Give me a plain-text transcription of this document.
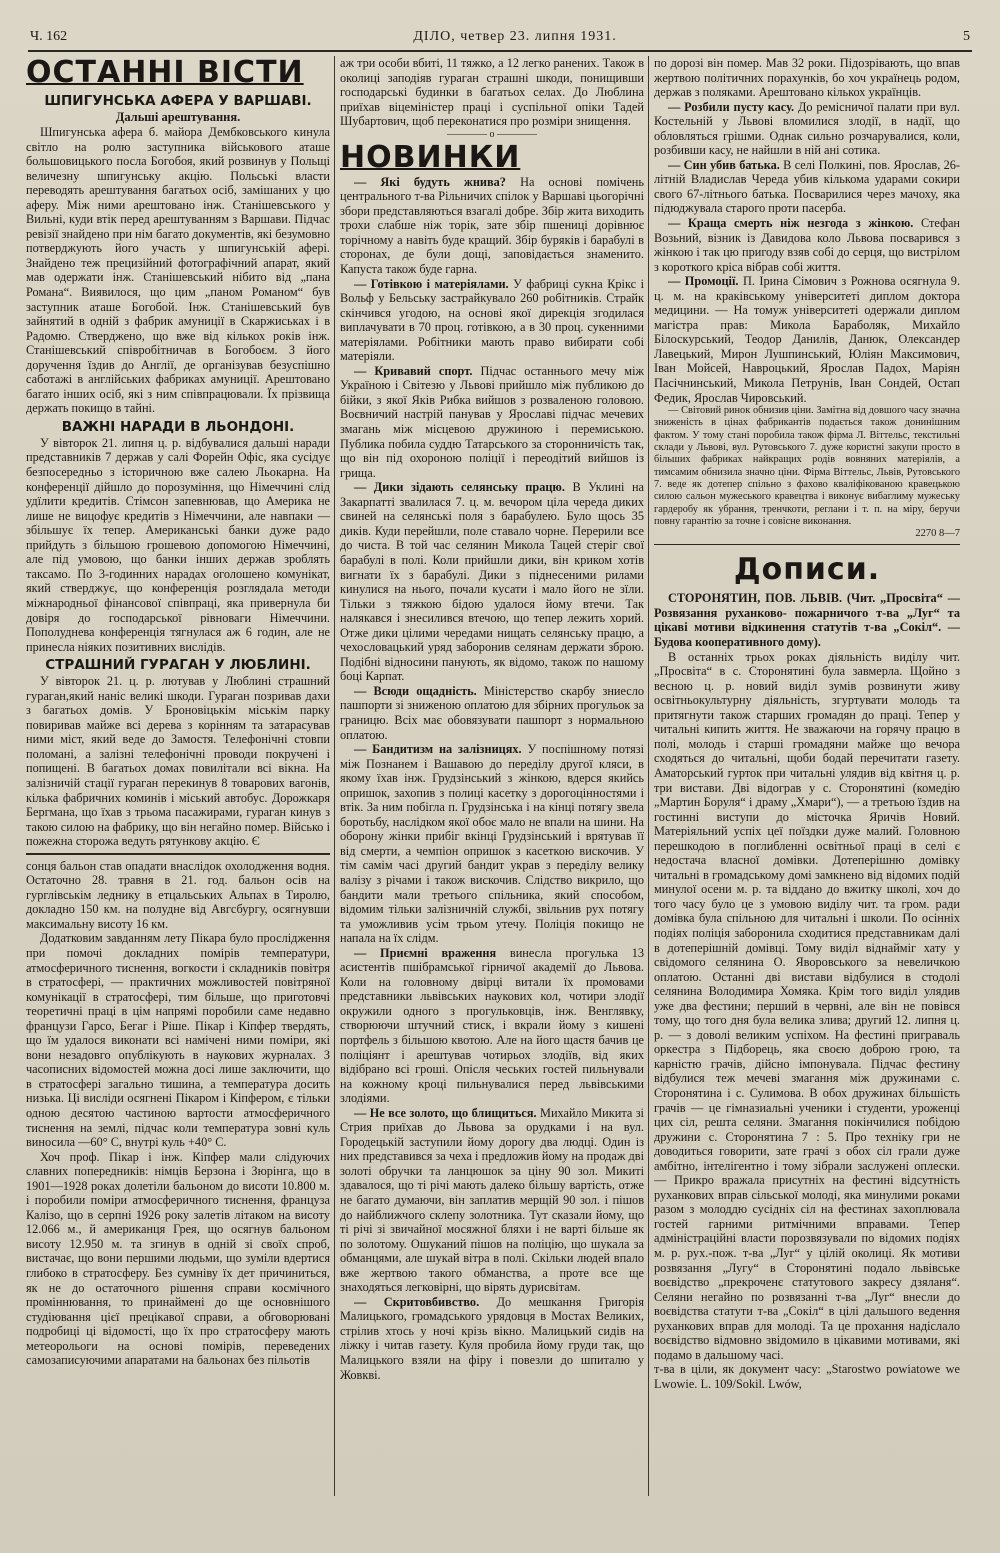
Ч. 162	ДІЛО, четвер 23. липня 1931.	5
ОСТАННІ ВІСТИ
ШПИГУНСЬКА АФЕРА У ВАРШАВІ.
Дальші арештування.

Шпигунська афера б. майора Дембковського кинула світло на ролю заступника військового аташе большовицького посла Богобоя, який розвинув у Польщі величезну шпигунську акцію. Польські власти переводять арештування багатьох осіб, замішаних у цю аферу. Між ними арештовано інж. Станішевського у Вильні, куди втік перед арештуванням з Варшави. Підчас ревізії знайдено при нім багато документів, які безумовно потверджують його участь у шпигунській афері. Знайдено теж прецизійний фотографічний апарат, який мав одержати інж. Станішевський нібито від „пана Романа“. Виявилося, що цим „паном Романом“ був заступник аташе Богобой. Інж. Станішевський був зайнятий в одній з фабрик амуниції в Скаржиськах і в Радомю. Стверджено, що вже від кількох років інж. Станішевський співробітничав в Богобоєм. З його доручення їздив до Англії, де організував безуспішно саботажі в англійських фабриках амуниції. Арештовано багато інших осіб, які з ним співпрацювали. Їх прізвища держать покищо в тайні.

ВАЖНІ НАРАДИ В ЛЬОНДОНІ.

У вівторок 21. липня ц. р. відбувалися дальші наради представників 7 держав у салі Форейн Офіс, яка сусідує безпосередньо з історичною вже салею Льокарна. На конференції дійшло до порозуміння, що Німеччині слід удїлити кредитів. Стімсон запевнював, що Америка не лише не вицофує кредитів з Німеччини, але навпаки — збільшує їх тепер. Американські банки дуже радо прийдуть з більшою грошевою допомогою Німеччині, але під умовою, що банки інших держав зроблять таксамо. По 3-годинних нарадах оголошено комунікат, який стверджує, що конференція розглядала методи міжнародньої фінансової співпраці, яка привернула би довіря до господарської рівноваги Німеччини. Пополуднева конференція тягнулася аж 6 годин, але не принесла ніяких позитивних вислідів.

СТРАШНИЙ ГУРАГАН У ЛЮБЛИНІ.

У вівторок 21. ц. р. лютував у Люблині страшний гураган,який наніс великі шкоди. Гураган позривав дахи з багатьох домів. У Броновіцькім міськім парку повиривав майже всі дерева з корінням та затарасував ними міст, який веде до Замостя. Телефонічні стовпи поломані, а залізні телефонічні проводи покручені і попищені. В багатьох домах повилітали всі вікна. На залізничій стації гураган перекинув 8 товарових вагонів, кілька фабричних коминів і міський автобус. Дорожкаря Бергмана, що їхав з трьома пасажирами, гураган кинув з такою силою на фабрику, що він негайно помер. Військо і пожежна сторожа ведуть рятункову акцію. Є

сонця бальон став опадати внаслідок охолодження водня. Остаточно 28. травня в 21. год. бальон осів на гурглівськім леднику в етцальських Альпах в Тиролю, докладно 150 км. на полудне від Авгсбургу, осягнувши максимальну висоту 16 км.

Додатковим завданням лету Пікара було прослідження при помочі докладних помірів температури, атмосферичного тиснення, вогкости і складників повітря в стратосфері, — практичних можливостей повітряної комунікації в стратосфері, тим більше, що приготовчі теоретичні праці в цім напрямі поробили саме недавно французи Гарсо, Бегаг і Ріше. Пікар і Кіпфер твердять, що їм удалося виконати всі намічені ними поміри, які вони незадовго опублікують в наукових журналах. З часописних відомостей можна досі лише заключити, що в стратосфері загально тишина, а температура досить низька. Ці висліди осягнені Пікаром і Кіпфером, є тільки одною десятою частиною вартости атмосферичного тиснення на землі, підчас коли температура зовні куль виносила —60° С, внутрі куль +40° С.

Хоч проф. Пікар і інж. Кіпфер мали слідуючих славних попередників: німців Берзона і Зюрінга, що в 1901—1928 роках долетіли бальоном до висоти 10.800 м. і поробили поміри атмосферичного тиснення, француза Калізо, що в серпні 1926 року залетів літаком на висоту 12.066 м., й американця Грея, що осягнув бальоном висоту 12.950 м. та згинув в одній зі своїх спроб, вистачає, що вони першими людьми, що зуміли вдертися глибоко в стратосферу. Без сумніву їх дет причиниться, як не до остаточного рішення справи космічного проміннювання, то принаймені до ще основнішого студіювання цієї прецікавої справи, а обговорювані подробиці ці відомості, що їх про стратосферу мають метеорольоги на основі помірів, переведених самозаписуючими апаратами на бальонах без пільотів

аж три особи вбиті, 11 тяжко, а 12 легко ранених. Також в околиці заподіяв гураган страшні шкоди, понищивши господарські будинки в багатьох селах. До Люблина приїхав віцеміністер праці і суспільної опіки Тадей Шубартович, щоб переконатися про розміри знищення.

———— о ————
НОВИНКИ

— Які будуть жнива? На основі помічень центрального т-ва Рільничих спілок у Варшаві цьогорічні збори представляються взагалі добре. Збір жита виходить трохи слабше ніж торік, зате збір пшениці дорівнює торічному а навіть буде кращий. Збір буряків і барабулі в сторонах, де були дощі, заповідається знаменито. Капуста також буде гарна.

— Готівкою і матеріялами. У фабриці сукна Крікс і Вольф у Бельську застрайкувало 260 робітників. Страйк скінчився угодою, на основі якої дирекція згодилася виплачувати в 70 проц. готівкою, а в 30 проц. сукенними матеріялами. Робітники мають право вибирати собі матеріяли.

— Кривавий спорт. Підчас останнього мечу між Україною і Світезю у Львові прийшло між публикою до бійки, з якої Яків Рибка вийшов з розваленою головою. Воєвничий настрій панував у Ярославі підчас мечевих змагань між місцевою дружиною і перемиською. Публика побила суддю Татарського за сторонничість так, що він під охороною поліції і переодітий вийшов із грища.

— Дики зідають селянську працю. В Уклині на Закарпатті звалилася 7. ц. м. вечором ціла череда диких свиней на селянські поля з барабулею. Було щось 35 диків. Куди перейшли, поле ставало чорне. Перерили все до чиста. В той час селянин Микола Тацей стеріг свої барабулі в полі. Коли прийшли дики, він криком хотів вигнати їх з барабулі. Дики з піднесеними рилами кинулися на нього, почали кусати і мало його не зїли. Тільки з тяжкою бідою удалося йому втечи. Так налякався і знесилився втечою, що тепер лежить хорий. Отже дики цілими чередами нищать селянську працю, а чехословацький уряд заборонив селянам держати зброю. Подібні відносини панують, як відомо, також по нашому боці Карпат.

— Всюди ощадність. Міністерство скарбу зниесло пашпорти зі зниженою оплатою для збірних прогульок за границю. Всіх має обовязувати пашпорт з нормальною оплатою.

— Бандитизм на залізницях. У поспішному потязі між Познанем і Вашавою до переділу другої кляси, в якому їхав інж. Грудзінський з жінкою, вдерся якийсь опришок, захопив з полиці касетку з дорогоцінностями і втік. За ним побігла п. Грудзінська і на кінці потягу звела боротьбу, наслідком якої обоє мало не впали на шини. На оборону жінки прибіг вкінці Грудзінський і врятував її від смерти, а чемпіон опришок з касеткою вискочив. У тім самім часі другий бандит украв з переділу велику валізу з річами і також вискочив. Слідство викрило, що бандити мали третього спільника, який способом, відомим тільки залізничній службі, звільнив рух потягу та уможливив усім трьом утечу. Поліція покищо не напала на їх слідм.

— Приємні враження винесла прогулька 13 асистентів пшібрамської гірничої академії до Львова. Коли на головному двірці витали їх промовами представники львівських наукових кол, чотири злодії окружили одного з прогульковців, інж. Венглявку, створюючи штучний стиск, і вкрали йому з кишені портфель з більшою квотою. Але на його щастя бачив це поліціянт і арештував чотирьох злодіїв, від яких відібрано всі гроші. Опісля чеських гостей пильнували на кожному кроці пильнувалися перед львівськими злодіями.

— Не все золото, що блищиться. Михайло Микита зі Стрия приїхав до Львова за орудками і на вул. Городецькій заступили йому дорогу два людці. Один із них представився за чеха і предложив йому на продаж дві золоті обручки та ланцюшок за ціну 90 зол. Микиті здавалося, що ті річі мають далеко більшу вартість, отже не багато думаючи, він заплатив мерщій 90 зол. і пішов до найближчого склепу золотника. Тут сказали йому, що ті річі зі звичайної мосяжної бляхи і не варті більше як по золотому. Ошуканий пішов на поліцію, що шукала за обманцями, але шукай вітра в полі. Скільки людей впало вже жертвою такого обманства, а проте все ще знаходяться легковірні, що вірять дурисвітам.

— Скритовбивство. До мешкання Григорія Малицького, громадського урядовця в Мостах Великих, стрілив хтось у ночі крізь вікно. Малицький сидів на ліжку і читав газету. Куля пробила йому груди так, що Малицького взяли на фіру і повезли до шпиталю у Жовкві.

по дорозі він помер. Мав 32 роки. Підозрівають, що впав жертвою політичних порахунків, бо хоч українець родом, держав з поляками. Арештовано кількох українців.

— Розбили пусту касу. До ремісничої палати при вул. Костельній у Львові вломилися злодії, в надії, що обловляться грішми. Однак сильно розчарувалися, коли, розбивши касу, не найшли в ній ані сотика.

— Син убив батька. В селі Полкині, пов. Ярослав, 26-літній Владислав Череда убив кількома ударами сокири свого 67-літнього батька. Посварилися через мачоху, яка підюджувала старого проти пасерба.

— Краща смерть ніж незгода з жінкою. Стефан Возьний, візник із Давидова коло Львова посварився з жінкою і так цю пригоду взяв собі до серця, що вистрілом з короткого кріса вібрав собі життя.

— Промоції. П. Ірина Сімович з Рожнова осягнула 9. ц. м. на краківському університеті диплом доктора медицини. — На томуж університеті одержали диплом магістра прав: Микола Бараболяк, Михайло Білоскурський, Теодор Данилів, Данюк, Олександер Лавецький, Мирон Лушпинський, Юліян Максимович, Іван Мойсей, Навроцький, Ярослав Падох, Маріян Пасічнинський, Микола Петрунів, Іван Сондей, Остап Федик, Ярослав Чировський.

— Світовий ринок обнизив ціни. Замітна від довшого часу значна зниженість в цінах фабрикантів подається також донинішним фактом. У тому стані поробила також фірма Л. Віттельс, текстильні склади у Львові, вул. Рутовського 7. дуже користні закупи просто в більших фабриках найкращих родів вовняних матеріялів, а тимсамим обнизила значно ціни. Фірма Віттельс, Львів, Рутовського 7. веде як дотепер спільно з фахово кваліфікованою кравецькою силою сальон мужеського кравецтва і виконує вибаглиму мужеську гардеробу як убрання, тренчкоти, реглани і т. п. на міру, беручи повну гарантію за точне і совісне виконання.

2270 8—7
Дописи.

СТОРОНЯТИН, ПОВ. ЛЬВІВ. (Чит. „Просвіта“ — Розвязання руханково- пожарничого т-ва „Луг“ та цікаві мотиви відкинення статутів т-ва „Сокіл“. — Будова кооперативного дому).

В останніх трьох роках діяльність виділу чит. „Просвіта“ в с. Сторонятині була завмерла. Щойно з весною ц. р. новий виділ зумів розвинути живу освітньокультурну діяльність, згуртувати молодь та притягнути також старших громадян до праці. Тепер у читальні кипить життя. Не зважаючи на горячу працю в полі, молодь і старші громадяни майже що вечора сходяться до читальні, щоби бодай перечитати газету. Аматорський гурток при читальні улядив від квітня ц. р. три вистави. Дві відограв у с. Сторонятині (комедію „Мартин Боруля“ і драму „Хмари“), — а третьою їздив на гостинні виступи до місточка Яричів Новий. Матеріяльний успіх цеї поїздки дуже малий. Головною перешкодою в поглибленні освітньої праці в селі є недостача власної домівки. Дотеперішню домівку читальні в громадському домі замкнено від відомих подій минулої осени м. р. та віддано до вжитку школі, хоч до того часу було це з умовою виділу чит. та гром. ради домівка була спільною для читальні і школи. По осінніх подіях поліція заборонила сходитися представникам далі в дотеперішній домівці. Тому виділ віднайміг хату у свідомого селянина О. Яворовського за невеличкою оплатою. Останні дві вистави відбулися в стодолі селянина Володимира Хомяка. Крім того виділ улядив уже два фестини; перший в червні, але він не повівся тому, що того дня була велика злива; другий 12. липня ц. р. — з доволі великим успіхом. На фестині приграваль оркестра з Підборець, яка своєю доброю грою, та карністю грачів, дійсно імпонувала. Підчас фестину відбулися теж мечеві змагання між дружинами с. Сторонятина і с. Сулимова. В обох дружинах більшість грачів — це гімназиальні ученики і студенти, уроженці цих сіл, решта селяни. Змагання покінчилися побідою дружини с. Сторонятина 7 : 5. Про техніку гри не доводиться говорити, зате грачі з обох сіл грали дуже амбітно, інтелігентно і тому зібрали заслужені оплески. — Прикро вражала присутніх на фестині відсутність руханкових вправ сільської молоді, яка минулими роками разом з молоддю сусідніх сіл на фестинах захоплювала гостей гарними ритмічними вправами. Тепер адміністраційні власти порозвязували по відомих подіях м. р. рух.-пож. т-ва „Луг“ у цілій околиці. Як мотиви розвязання „Лугу“ в Сторонятині подало львівське воєвідство „прекроченє статутового закресу дзяланя“. Селяни негайно по розвязанні т-ва „Луг“ внесли до воєвідства статути т-ва „Сокіл“ в цілі дальшого ведення руханкових вправ для молоді. Та це прохання надіслало воєвідство відмовно звідомило в цікавими мотивами, які подамо в дальшому часі.

т-ва в ціли, як документ часу: „Starostwo powiatowe we Lwowie. L. 109/Sokil. Lwów,
